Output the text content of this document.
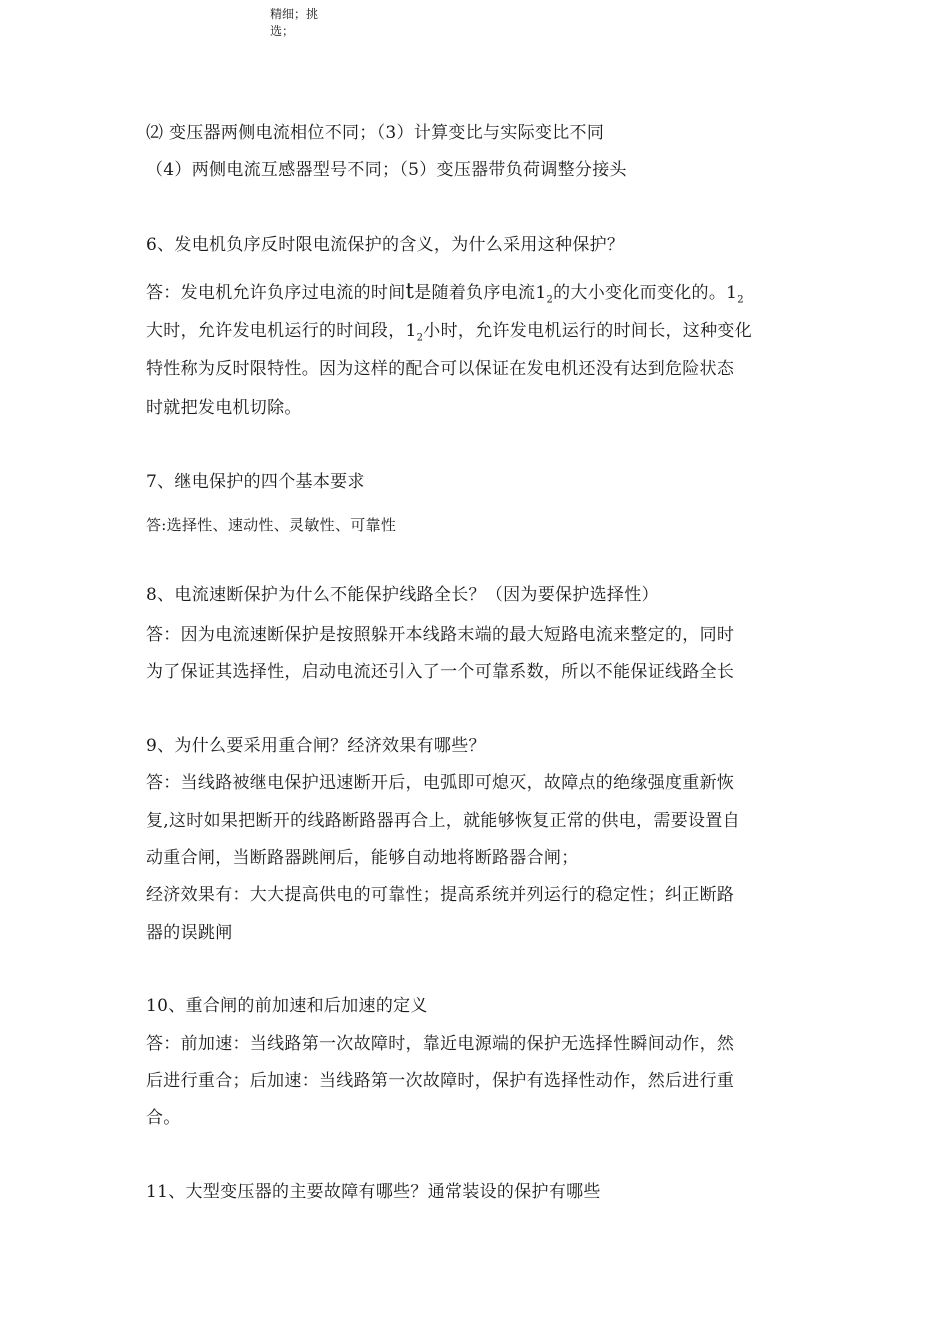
精细；挑
选；
⑵ 变压器两侧电流相位不同；（3）计算变比与实际变比不同
（4）两侧电流互感器型号不同；（5）变压器带负荷调整分接头
6、发电机负序反时限电流保护的含义，为什么采用这种保护？
答：发电机允许负序过电流的时间t是随着负序电流$1_2$的大小变化而变化的。$1_2$
大时，允许发电机运行的时间段，$1_2$小时，允许发电机运行的时间长，这种变化
特性称为反时限特性。因为这样的配合可以保证在发电机还没有达到危险状态
时就把发电机切除。
7、继电保护的四个基本要求
答:选择性、速动性、灵敏性、可靠性
8、电流速断保护为什么不能保护线路全长？（因为要保护选择性）
答：因为电流速断保护是按照躲开本线路末端的最大短路电流来整定的，同时
为了保证其选择性，启动电流还引入了一个可靠系数，所以不能保证线路全长
9、为什么要采用重合闸？经济效果有哪些？
答：当线路被继电保护迅速断开后，电弧即可熄灭，故障点的绝缘强度重新恢
复,这时如果把断开的线路断路器再合上，就能够恢复正常的供电，需要设置自
动重合闸，当断路器跳闸后，能够自动地将断路器合闸；
经济效果有：大大提高供电的可靠性；提高系统并列运行的稳定性；纠正断路
器的误跳闸
10、重合闸的前加速和后加速的定义
答：前加速：当线路第一次故障时，靠近电源端的保护无选择性瞬间动作，然
后进行重合；后加速：当线路第一次故障时，保护有选择性动作，然后进行重
合。
11、大型变压器的主要故障有哪些？通常装设的保护有哪些
